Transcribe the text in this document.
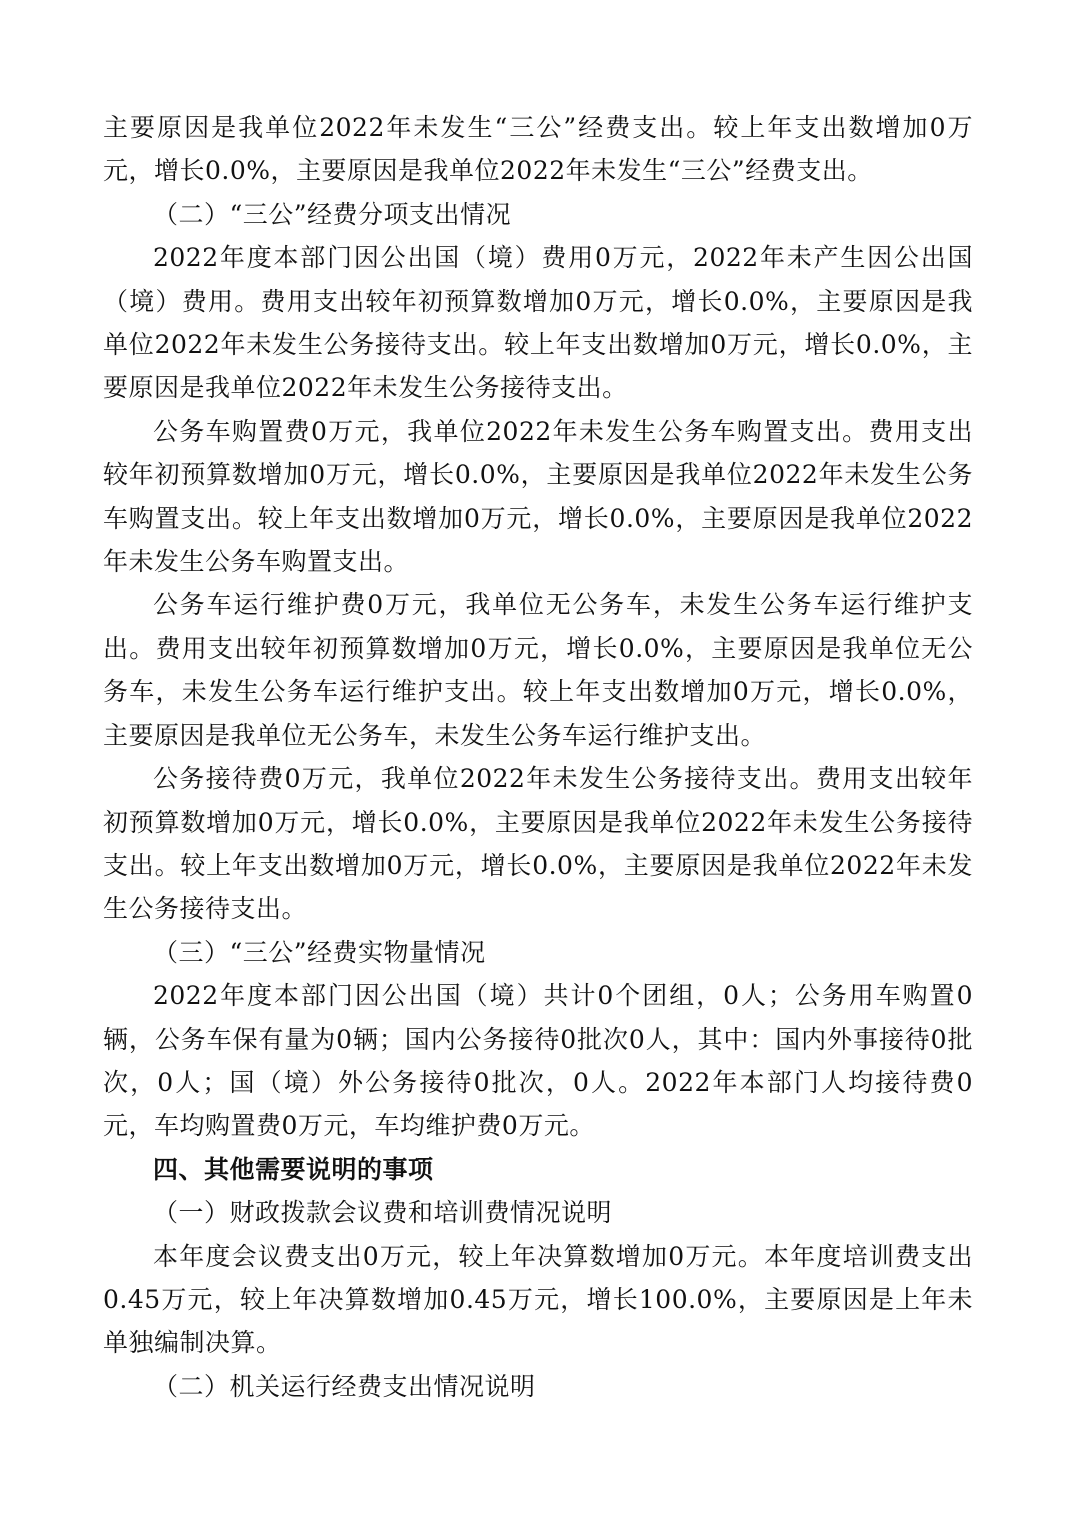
主要原因是我单位2022年未发生“三公”经费支出。较上年支出数增加0万元，增长0.0%，主要原因是我单位2022年未发生“三公”经费支出。

（二）“三公”经费分项支出情况

2022年度本部门因公出国（境）费用0万元，2022年未产生因公出国（境）费用。费用支出较年初预算数增加0万元，增长0.0%，主要原因是我单位2022年未发生公务接待支出。较上年支出数增加0万元，增长0.0%，主要原因是我单位2022年未发生公务接待支出。

公务车购置费0万元，我单位2022年未发生公务车购置支出。费用支出较年初预算数增加0万元，增长0.0%，主要原因是我单位2022年未发生公务车购置支出。较上年支出数增加0万元，增长0.0%，主要原因是我单位2022年未发生公务车购置支出。

公务车运行维护费0万元，我单位无公务车，未发生公务车运行维护支出。费用支出较年初预算数增加0万元，增长0.0%，主要原因是我单位无公务车，未发生公务车运行维护支出。较上年支出数增加0万元，增长0.0%，主要原因是我单位无公务车，未发生公务车运行维护支出。

公务接待费0万元，我单位2022年未发生公务接待支出。费用支出较年初预算数增加0万元，增长0.0%，主要原因是我单位2022年未发生公务接待支出。较上年支出数增加0万元，增长0.0%，主要原因是我单位2022年未发生公务接待支出。

（三）“三公”经费实物量情况

2022年度本部门因公出国（境）共计0个团组，0人；公务用车购置0辆，公务车保有量为0辆；国内公务接待0批次0人，其中：国内外事接待0批次，0人；国（境）外公务接待0批次，0人。2022年本部门人均接待费0元，车均购置费0万元，车均维护费0万元。

四、其他需要说明的事项

（一）财政拨款会议费和培训费情况说明

本年度会议费支出0万元，较上年决算数增加0万元。本年度培训费支出0.45万元，较上年决算数增加0.45万元，增长100.0%，主要原因是上年未单独编制决算。

（二）机关运行经费支出情况说明
